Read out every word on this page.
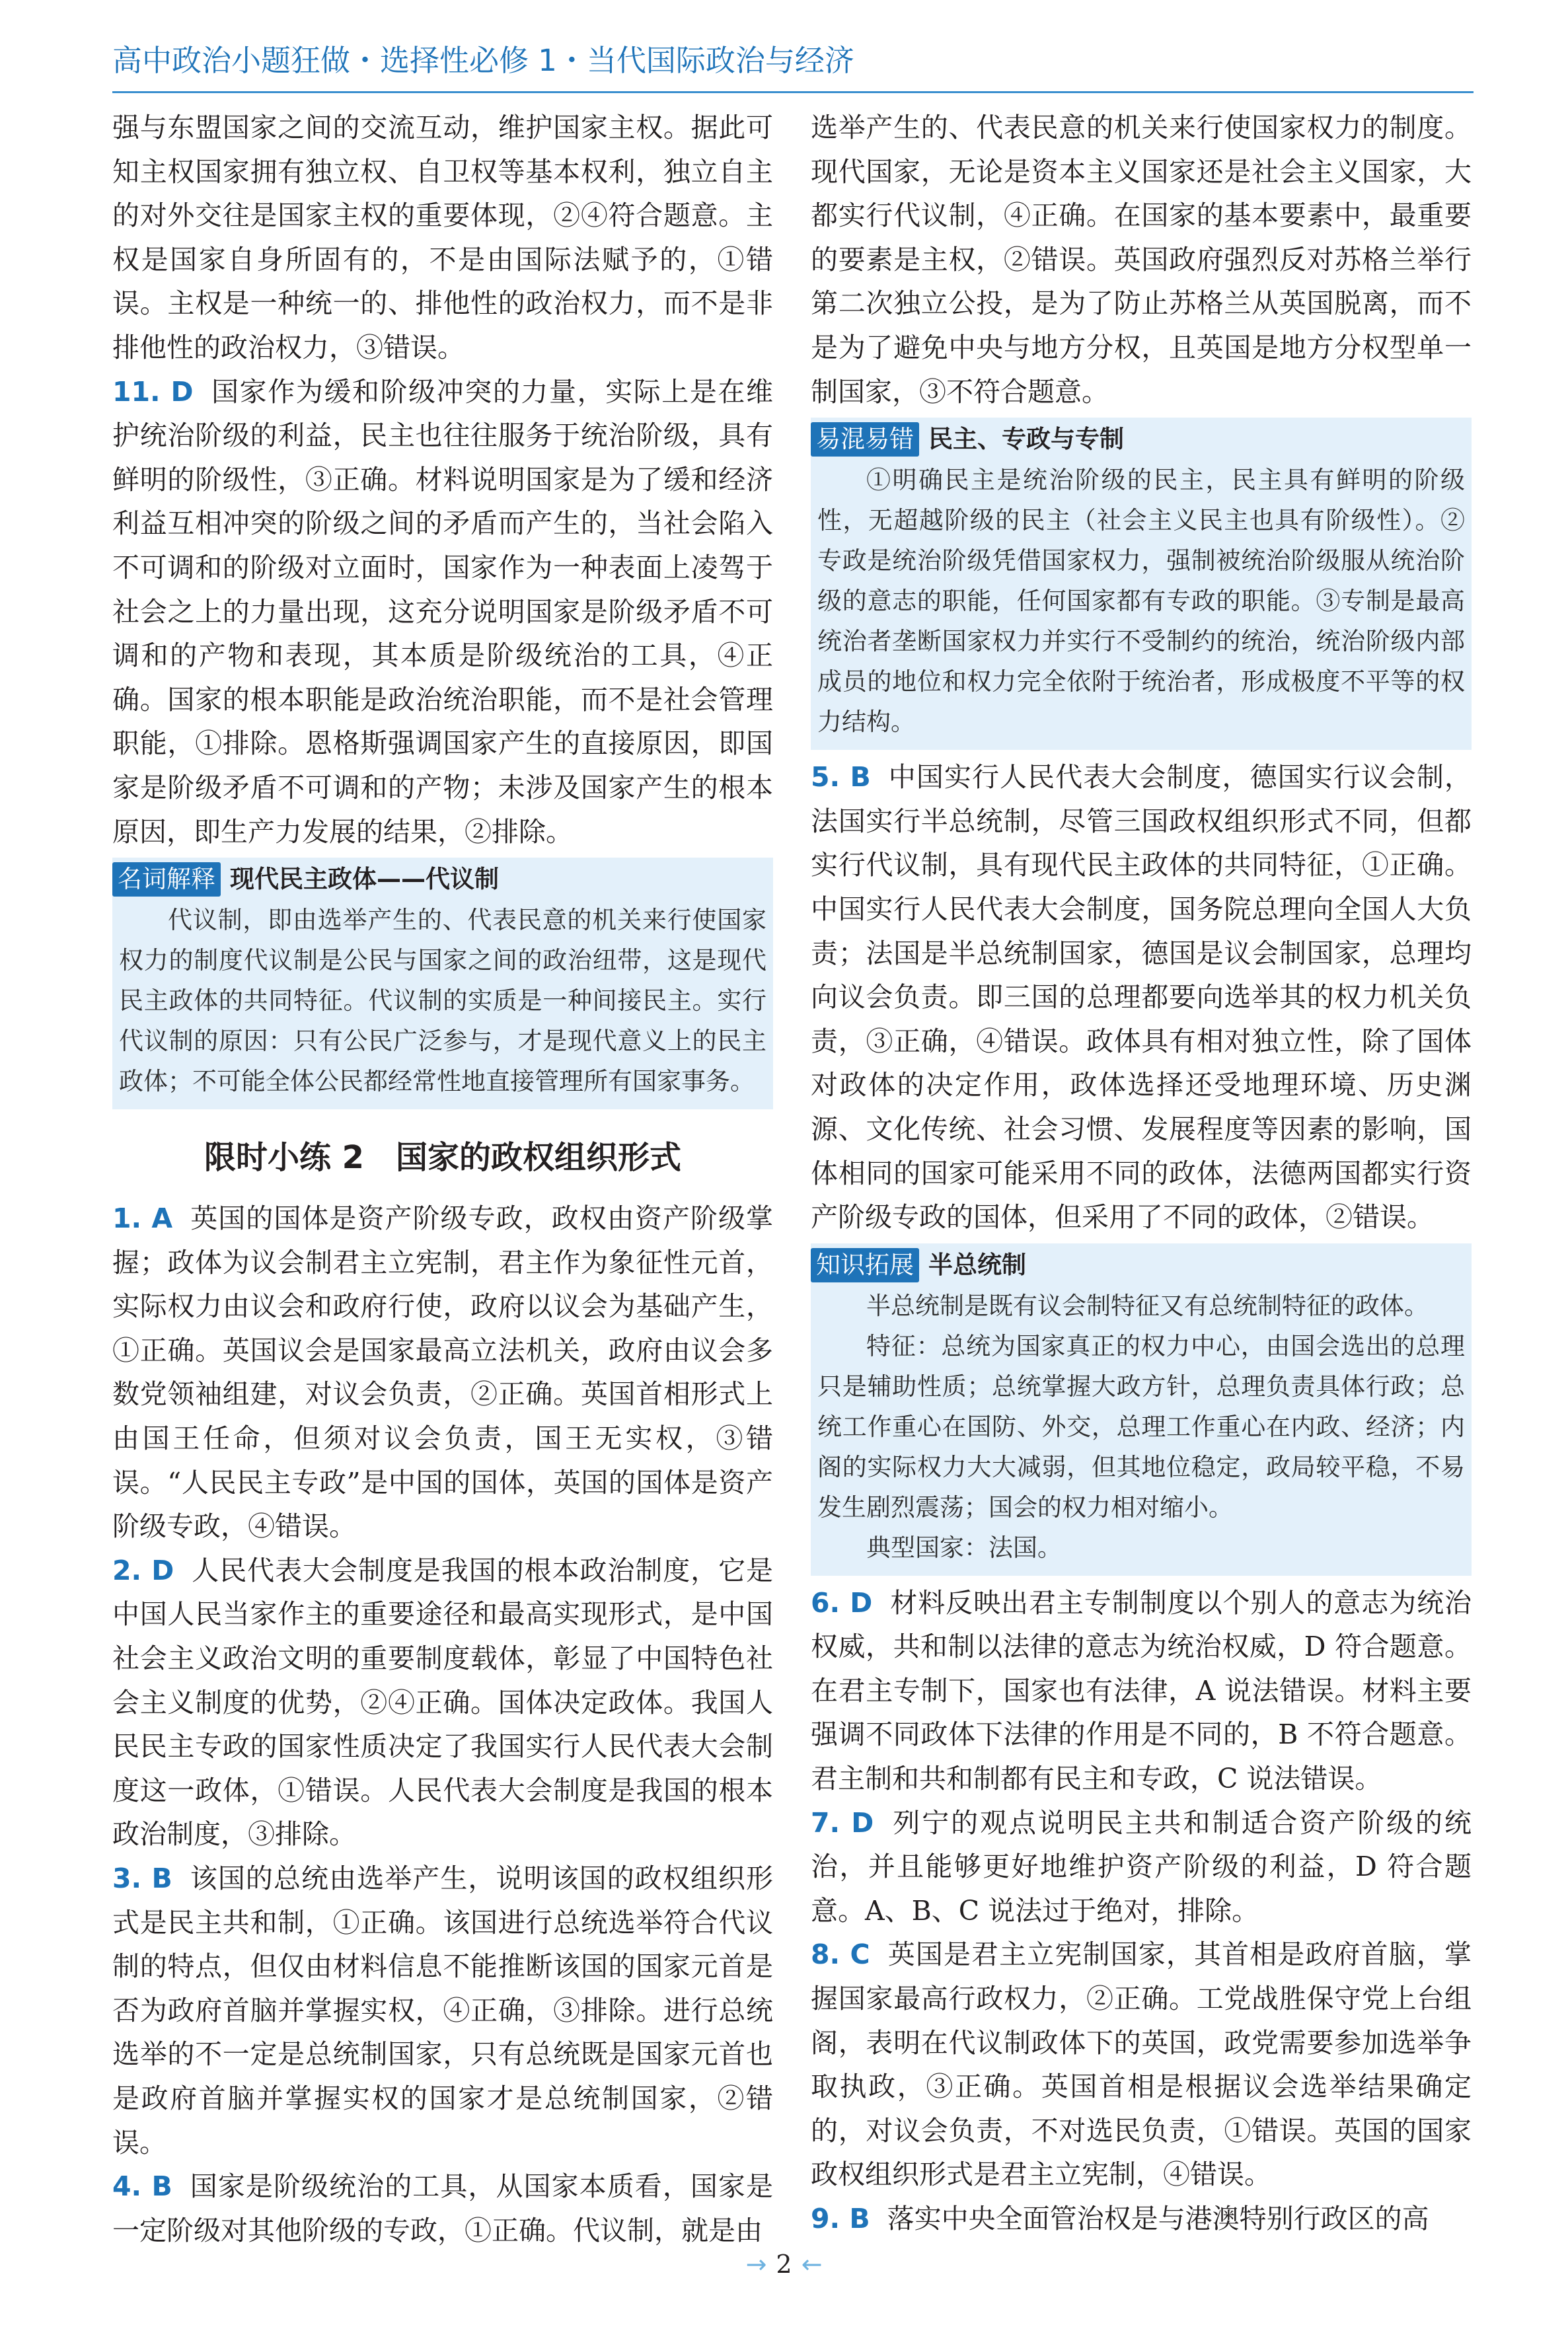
高中政治小题狂做・选择性必修 1・当代国际政治与经济

强与东盟国家之间的交流互动，维护国家主权。据此可知主权国家拥有独立权、自卫权等基本权利，独立自主的对外交往是国家主权的重要体现，②④符合题意。主权是国家自身所固有的，不是由国际法赋予的，①错误。主权是一种统一的、排他性的政治权力，而不是非排他性的政治权力，③错误。

11. D 国家作为缓和阶级冲突的力量，实际上是在维护统治阶级的利益，民主也往往服务于统治阶级，具有鲜明的阶级性，③正确。材料说明国家是为了缓和经济利益互相冲突的阶级之间的矛盾而产生的，当社会陷入不可调和的阶级对立面时，国家作为一种表面上凌驾于社会之上的力量出现，这充分说明国家是阶级矛盾不可调和的产物和表现，其本质是阶级统治的工具，④正确。国家的根本职能是政治统治职能，而不是社会管理职能，①排除。恩格斯强调国家产生的直接原因，即国家是阶级矛盾不可调和的产物；未涉及国家产生的根本原因，即生产力发展的结果，②排除。

名词解释 现代民主政体——代议制

代议制，即由选举产生的、代表民意的机关来行使国家权力的制度代议制是公民与国家之间的政治纽带，这是现代民主政体的共同特征。代议制的实质是一种间接民主。实行代议制的原因：只有公民广泛参与，才是现代意义上的民主政体；不可能全体公民都经常性地直接管理所有国家事务。

限时小练 2　国家的政权组织形式

1. A 英国的国体是资产阶级专政，政权由资产阶级掌握；政体为议会制君主立宪制，君主作为象征性元首，实际权力由议会和政府行使，政府以议会为基础产生，①正确。英国议会是国家最高立法机关，政府由议会多数党领袖组建，对议会负责，②正确。英国首相形式上由国王任命，但须对议会负责，国王无实权，③错误。“人民民主专政”是中国的国体，英国的国体是资产阶级专政，④错误。

2. D 人民代表大会制度是我国的根本政治制度，它是中国人民当家作主的重要途径和最高实现形式，是中国社会主义政治文明的重要制度载体，彰显了中国特色社会主义制度的优势，②④正确。国体决定政体。我国人民民主专政的国家性质决定了我国实行人民代表大会制度这一政体，①错误。人民代表大会制度是我国的根本政治制度，③排除。

3. B 该国的总统由选举产生，说明该国的政权组织形式是民主共和制，①正确。该国进行总统选举符合代议制的特点，但仅由材料信息不能推断该国的国家元首是否为政府首脑并掌握实权，④正确，③排除。进行总统选举的不一定是总统制国家，只有总统既是国家元首也是政府首脑并掌握实权的国家才是总统制国家，②错误。

4. B 国家是阶级统治的工具，从国家本质看，国家是一定阶级对其他阶级的专政，①正确。代议制，就是由

选举产生的、代表民意的机关来行使国家权力的制度。现代国家，无论是资本主义国家还是社会主义国家，大都实行代议制，④正确。在国家的基本要素中，最重要的要素是主权，②错误。英国政府强烈反对苏格兰举行第二次独立公投，是为了防止苏格兰从英国脱离，而不是为了避免中央与地方分权，且英国是地方分权型单一制国家，③不符合题意。

易混易错 民主、专政与专制

①明确民主是统治阶级的民主，民主具有鲜明的阶级性，无超越阶级的民主（社会主义民主也具有阶级性）。②专政是统治阶级凭借国家权力，强制被统治阶级服从统治阶级的意志的职能，任何国家都有专政的职能。③专制是最高统治者垄断国家权力并实行不受制约的统治，统治阶级内部成员的地位和权力完全依附于统治者，形成极度不平等的权力结构。

5. B 中国实行人民代表大会制度，德国实行议会制，法国实行半总统制，尽管三国政权组织形式不同，但都实行代议制，具有现代民主政体的共同特征，①正确。中国实行人民代表大会制度，国务院总理向全国人大负责；法国是半总统制国家，德国是议会制国家，总理均向议会负责。即三国的总理都要向选举其的权力机关负责，③正确，④错误。政体具有相对独立性，除了国体对政体的决定作用，政体选择还受地理环境、历史渊源、文化传统、社会习惯、发展程度等因素的影响，国体相同的国家可能采用不同的政体，法德两国都实行资产阶级专政的国体，但采用了不同的政体，②错误。

知识拓展 半总统制

半总统制是既有议会制特征又有总统制特征的政体。

特征：总统为国家真正的权力中心，由国会选出的总理只是辅助性质；总统掌握大政方针，总理负责具体行政；总统工作重心在国防、外交，总理工作重心在内政、经济；内阁的实际权力大大减弱，但其地位稳定，政局较平稳，不易发生剧烈震荡；国会的权力相对缩小。

典型国家：法国。

6. D 材料反映出君主专制制度以个别人的意志为统治权威，共和制以法律的意志为统治权威，D 符合题意。在君主专制下，国家也有法律，A 说法错误。材料主要强调不同政体下法律的作用是不同的，B 不符合题意。君主制和共和制都有民主和专政，C 说法错误。

7. D 列宁的观点说明民主共和制适合资产阶级的统治，并且能够更好地维护资产阶级的利益，D 符合题意。A、B、C 说法过于绝对，排除。

8. C 英国是君主立宪制国家，其首相是政府首脑，掌握国家最高行政权力，②正确。工党战胜保守党上台组阁，表明在代议制政体下的英国，政党需要参加选举争取执政，③正确。英国首相是根据议会选举结果确定的，对议会负责，不对选民负责，①错误。英国的国家政权组织形式是君主立宪制，④错误。

9. B 落实中央全面管治权是与港澳特别行政区的高

→ 2 ←
